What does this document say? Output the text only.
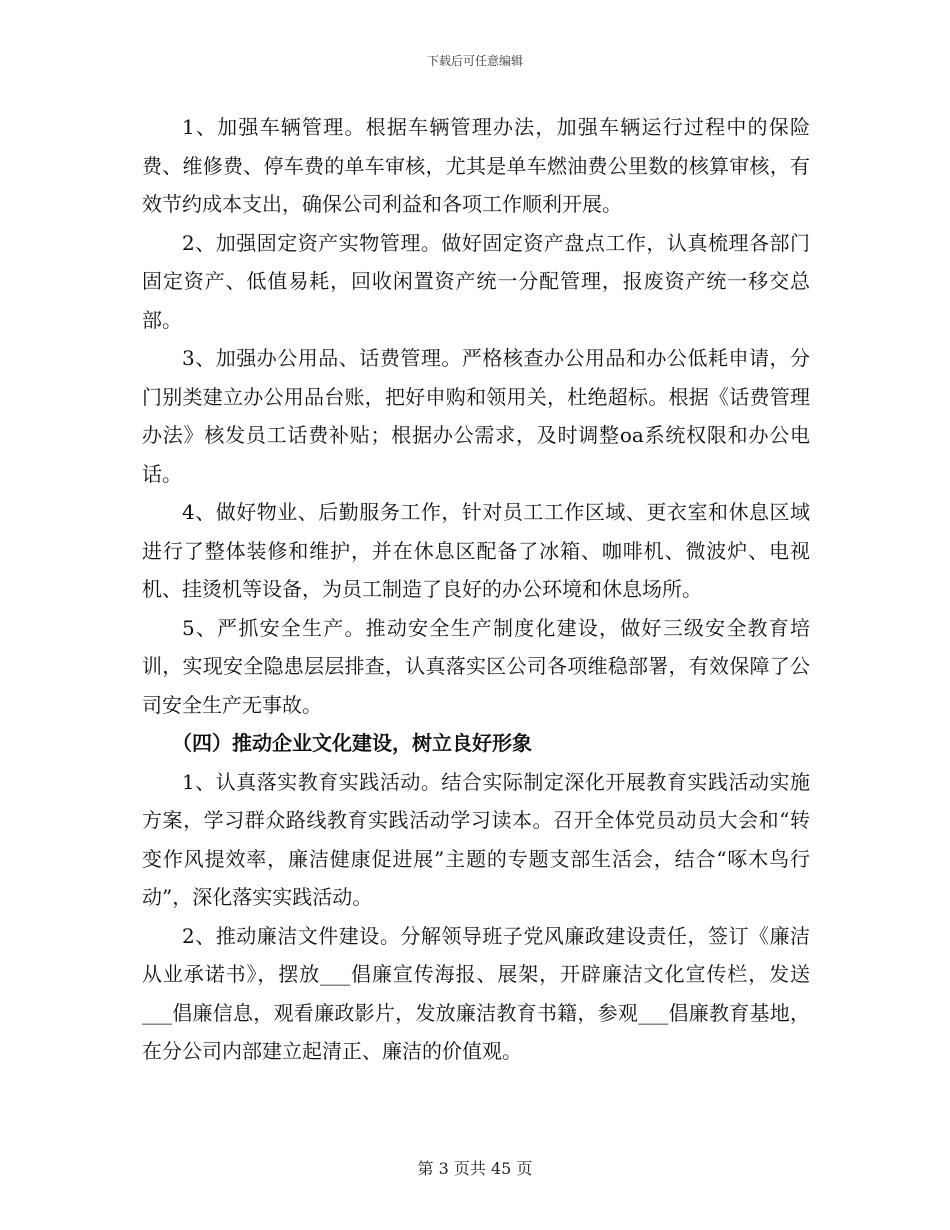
下载后可任意编辑

1、加强车辆管理。根据车辆管理办法，加强车辆运行过程中的保险费、维修费、停车费的单车审核，尤其是单车燃油费公里数的核算审核，有效节约成本支出，确保公司利益和各项工作顺利开展。

2、加强固定资产实物管理。做好固定资产盘点工作，认真梳理各部门固定资产、低值易耗，回收闲置资产统一分配管理，报废资产统一移交总部。

3、加强办公用品、话费管理。严格核查办公用品和办公低耗申请，分门别类建立办公用品台账，把好申购和领用关，杜绝超标。根据《话费管理办法》核发员工话费补贴；根据办公需求，及时调整oa系统权限和办公电话。

4、做好物业、后勤服务工作，针对员工工作区域、更衣室和休息区域进行了整体装修和维护，并在休息区配备了冰箱、咖啡机、微波炉、电视机、挂烫机等设备，为员工制造了良好的办公环境和休息场所。

5、严抓安全生产。推动安全生产制度化建设，做好三级安全教育培训，实现安全隐患层层排查，认真落实区公司各项维稳部署，有效保障了公司安全生产无事故。

（四）推动企业文化建设，树立良好形象

1、认真落实教育实践活动。结合实际制定深化开展教育实践活动实施方案，学习群众路线教育实践活动学习读本。召开全体党员动员大会和“转变作风提效率，廉洁健康促进展”主题的专题支部生活会，结合“啄木鸟行动”，深化落实实践活动。

2、推动廉洁文件建设。分解领导班子党风廉政建设责任，签订《廉洁从业承诺书》，摆放___倡廉宣传海报、展架，开辟廉洁文化宣传栏，发送___倡廉信息，观看廉政影片，发放廉洁教育书籍，参观___倡廉教育基地，在分公司内部建立起清正、廉洁的价值观。

第 3 页共 45 页
